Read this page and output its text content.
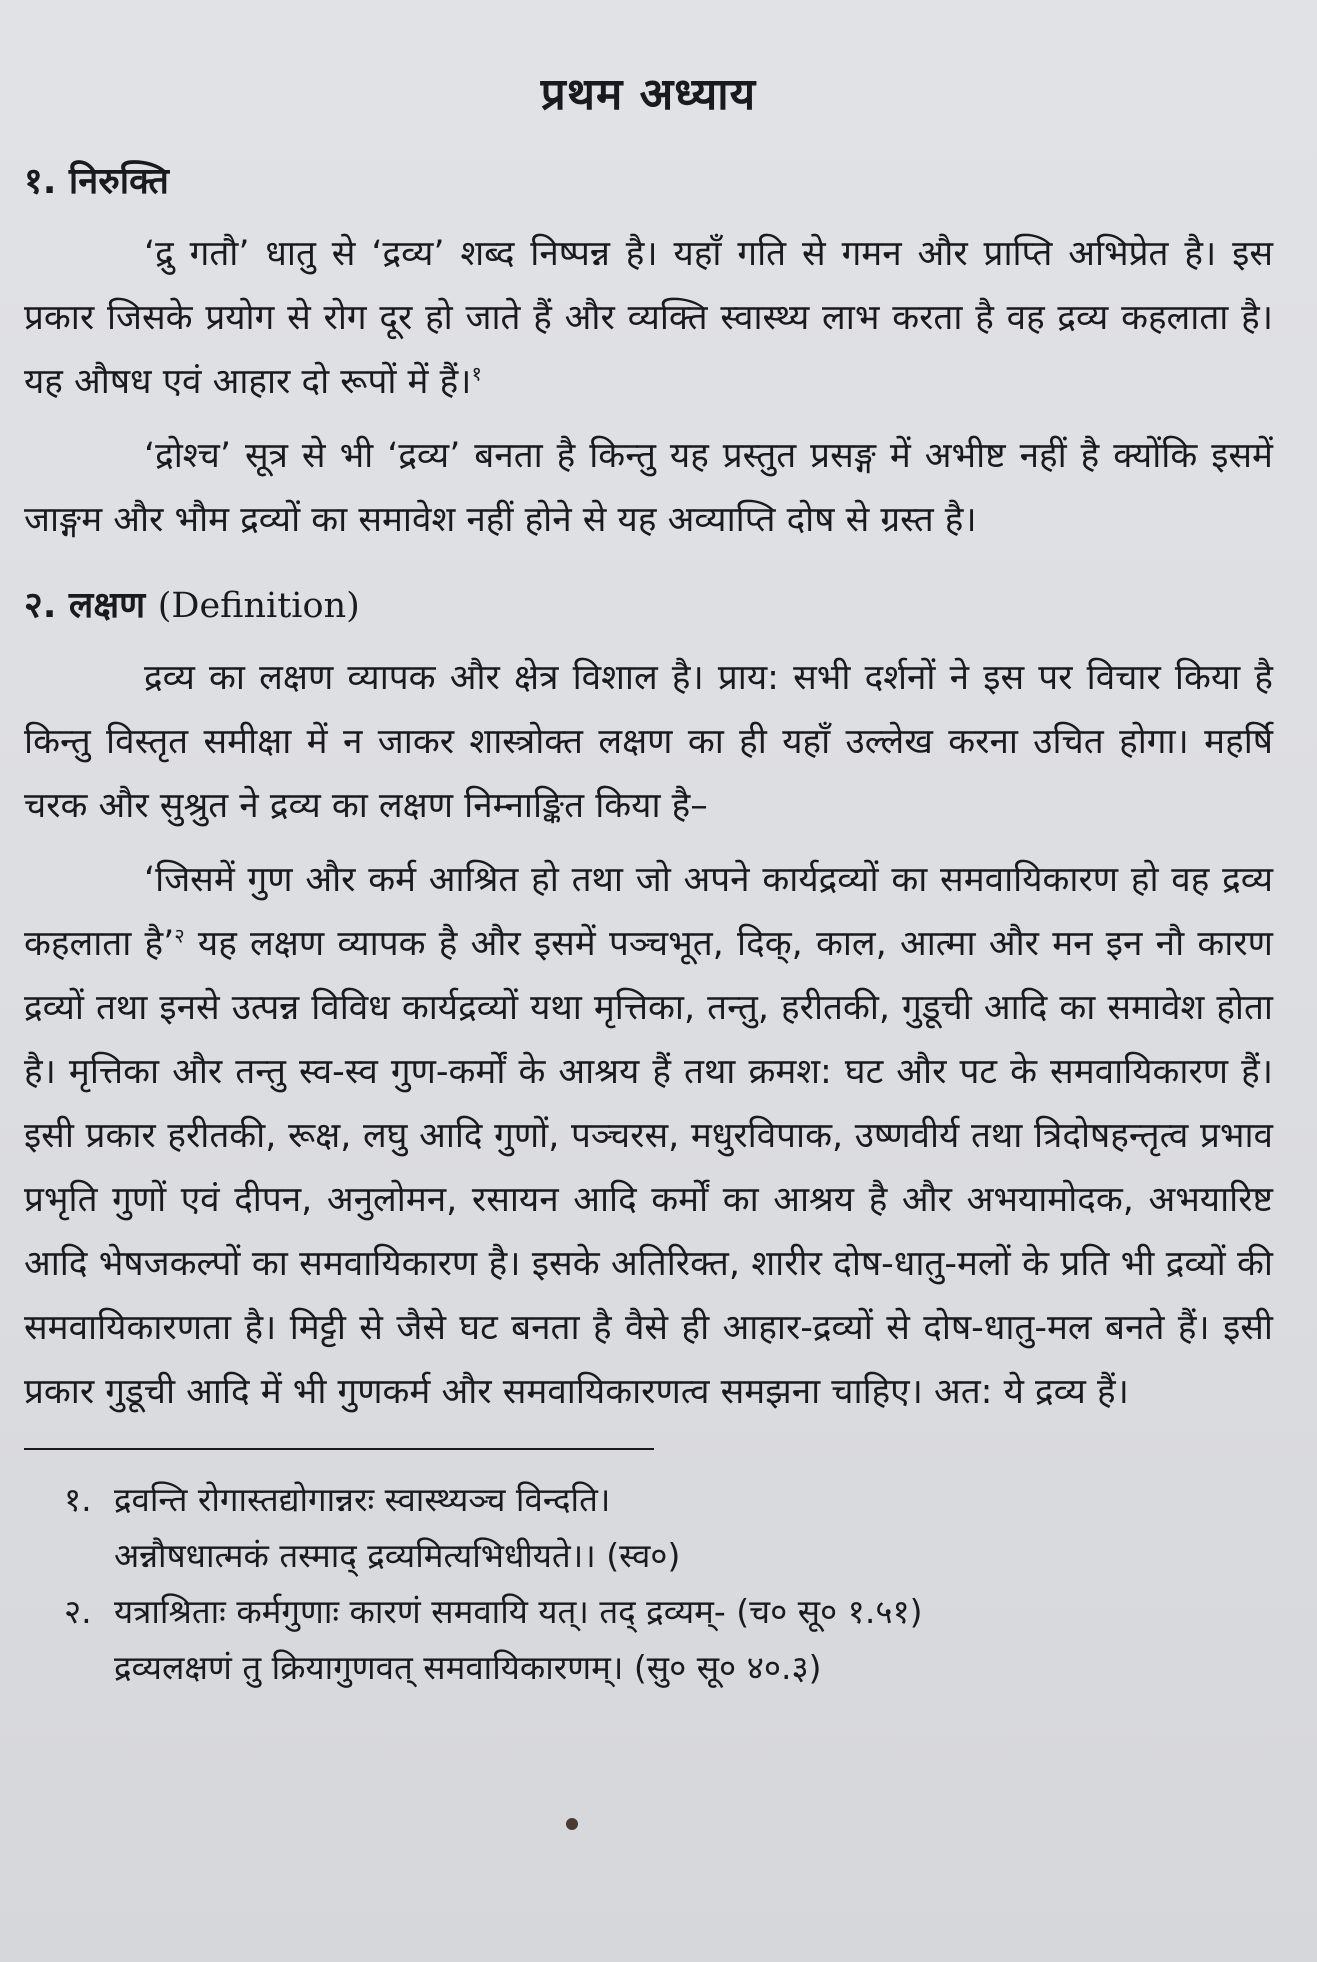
प्रथम अध्याय
१. निरुक्ति

‘द्रु गतौ’ धातु से ‘द्रव्य’ शब्द निष्पन्न है। यहाँ गति से गमन और प्राप्ति अभिप्रेत है। इस प्रकार जिसके प्रयोग से रोग दूर हो जाते हैं और व्यक्ति स्वास्थ्य लाभ करता है वह द्रव्य कहलाता है। यह औषध एवं आहार दो रूपों में हैं।$^१$

‘द्रोश्च’ सूत्र से भी ‘द्रव्य’ बनता है किन्तु यह प्रस्तुत प्रसङ्ग में अभीष्ट नहीं है क्योंकि इसमें जाङ्गम और भौम द्रव्यों का समावेश नहीं होने से यह अव्याप्ति दोष से ग्रस्त है।

२. लक्षण (Definition)

द्रव्य का लक्षण व्यापक और क्षेत्र विशाल है। प्राय: सभी दर्शनों ने इस पर विचार किया है किन्तु विस्तृत समीक्षा में न जाकर शास्त्रोक्त लक्षण का ही यहाँ उल्लेख करना उचित होगा। महर्षि चरक और सुश्रुत ने द्रव्य का लक्षण निम्नाङ्कित किया है–

‘जिसमें गुण और कर्म आश्रित हो तथा जो अपने कार्यद्रव्यों का समवायिकारण हो वह द्रव्य कहलाता है’$^२$ यह लक्षण व्यापक है और इसमें पञ्चभूत, दिक्, काल, आत्मा और मन इन नौ कारण द्रव्यों तथा इनसे उत्पन्न विविध कार्यद्रव्यों यथा मृत्तिका, तन्तु, हरीतकी, गुडूची आदि का समावेश होता है। मृत्तिका और तन्तु स्व-स्व गुण-कर्मों के आश्रय हैं तथा क्रमश: घट और पट के समवायिकारण हैं। इसी प्रकार हरीतकी, रूक्ष, लघु आदि गुणों, पञ्चरस, मधुरविपाक, उष्णवीर्य तथा त्रिदोषहन्तृत्व प्रभाव प्रभृति गुणों एवं दीपन, अनुलोमन, रसायन आदि कर्मों का आश्रय है और अभयामोदक, अभयारिष्ट आदि भेषजकल्पों का समवायिकारण है। इसके अतिरिक्त, शारीर दोष-धातु-मलों के प्रति भी द्रव्यों की समवायिकारणता है। मिट्टी से जैसे घट बनता है वैसे ही आहार-द्रव्यों से दोष-धातु-मल बनते हैं। इसी प्रकार गुडूची आदि में भी गुणकर्म और समवायिकारणत्व समझना चाहिए। अत: ये द्रव्य हैं।

१. द्रवन्ति रोगास्तद्योगान्नरः स्वास्थ्यञ्च विन्दति।
अन्नौषधात्मकं तस्माद् द्रव्यमित्यभिधीयते।। (स्व०)
२. यत्राश्रिताः कर्मगुणाः कारणं समवायि यत्। तद् द्रव्यम्- (च० सू० १.५१)
द्रव्यलक्षणं तु क्रियागुणवत् समवायिकारणम्। (सु० सू० ४०.३)
